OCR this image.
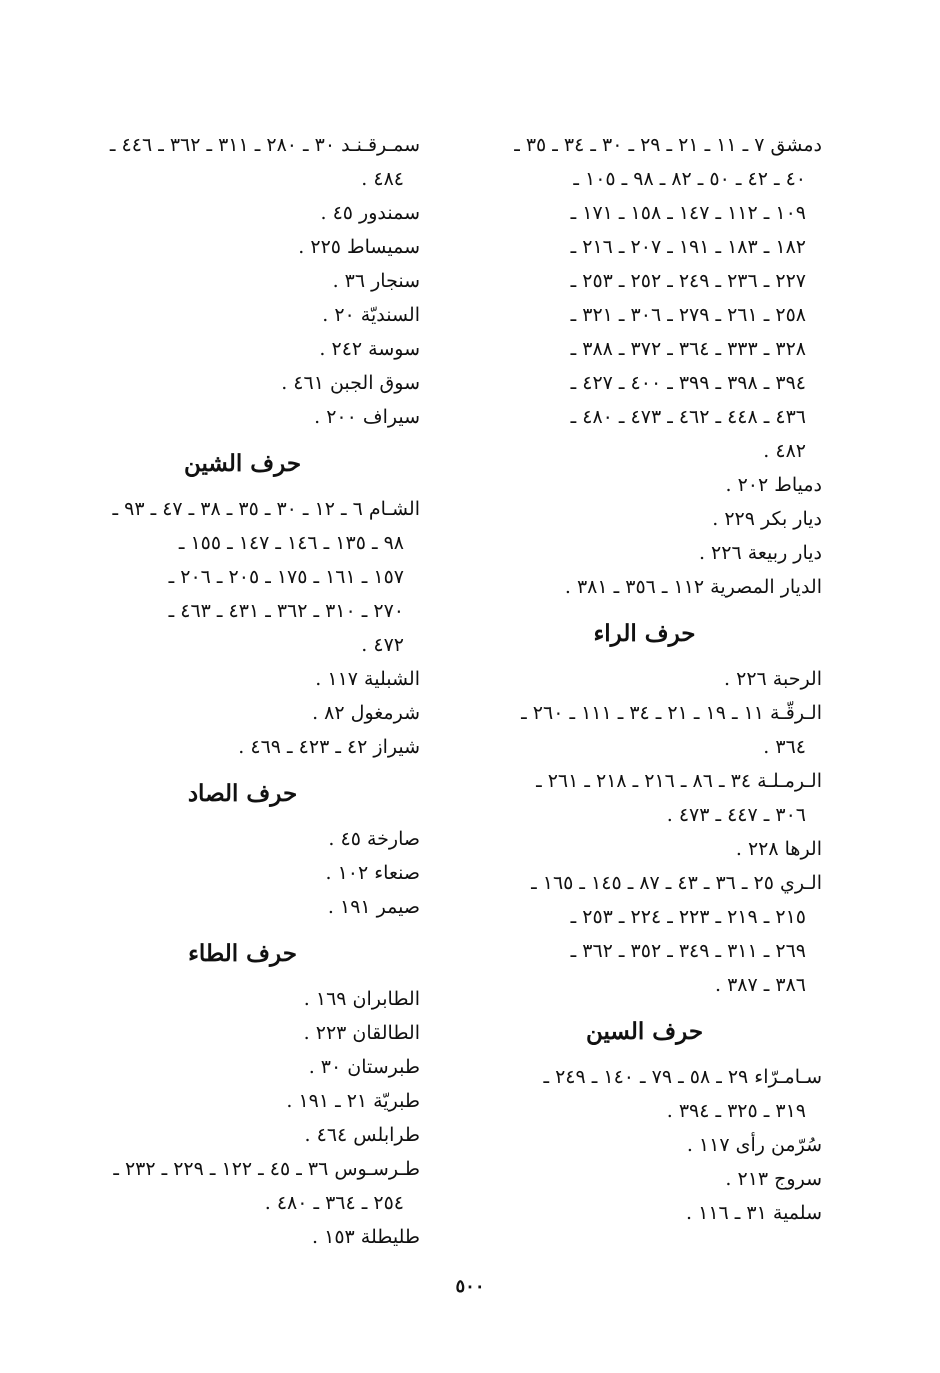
دمشق ٧ ـ ١١ ـ ٢١ ـ ٢٩ ـ ٣٠ ـ ٣٤ ـ ٣٥ ـ
٤٠ ـ ٤٢ ـ ٥٠ ـ ٨٢ ـ ٩٨ ـ ١٠٥ ـ
١٠٩ ـ ١١٢ ـ ١٤٧ ـ ١٥٨ ـ ١٧١ ـ
١٨٢ ـ ١٨٣ ـ ١٩١ ـ ٢٠٧ ـ ٢١٦ ـ
٢٢٧ ـ ٢٣٦ ـ ٢٤٩ ـ ٢٥٢ ـ ٢٥٣ ـ
٢٥٨ ـ ٢٦١ ـ ٢٧٩ ـ ٣٠٦ ـ ٣٢١ ـ
٣٢٨ ـ ٣٣٣ ـ ٣٦٤ ـ ٣٧٢ ـ ٣٨٨ ـ
٣٩٤ ـ ٣٩٨ ـ ٣٩٩ ـ ٤٠٠ ـ ٤٢٧ ـ
٤٣٦ ـ ٤٤٨ ـ ٤٦٢ ـ ٤٧٣ ـ ٤٨٠ ـ
٤٨٢ .
دمياط ٢٠٢ .
ديار بكر ٢٢٩ .
ديار ربيعة ٢٢٦ .
الديار المصرية ١١٢ ـ ٣٥٦ ـ ٣٨١ .
حرف الراء
الرحبة ٢٢٦ .
الـرقّـة ١١ ـ ١٩ ـ ٢١ ـ ٣٤ ـ ١١١ ـ ٢٦٠ ـ
٣٦٤ .
الـرمـلـة ٣٤ ـ ٨٦ ـ ٢١٦ ـ ٢١٨ ـ ٢٦١ ـ
٣٠٦ ـ ٤٤٧ ـ ٤٧٣ .
الرها ٢٢٨ .
الـري ٢٥ ـ ٣٦ ـ ٤٣ ـ ٨٧ ـ ١٤٥ ـ ١٦٥ ـ
٢١٥ ـ ٢١٩ ـ ٢٢٣ ـ ٢٢٤ ـ ٢٥٣ ـ
٢٦٩ ـ ٣١١ ـ ٣٤٩ ـ ٣٥٢ ـ ٣٦٢ ـ
٣٨٦ ـ ٣٨٧ .
حرف السين
سـامـرّاء ٢٩ ـ ٥٨ ـ ٧٩ ـ ١٤٠ ـ ٢٤٩ ـ
٣١٩ ـ ٣٢٥ ـ ٣٩٤ .
سُرّمن رأى ١١٧ .
سروج ٢١٣ .
سلمية ٣١ ـ ١١٦ .
سمـرقـنـد ٣٠ ـ ٢٨٠ ـ ٣١١ ـ ٣٦٢ ـ ٤٤٦ ـ
٤٨٤ .
سمندور ٤٥ .
سميساط ٢٢٥ .
سنجار ٣٦ .
السنديّة ٢٠ .
سوسة ٢٤٢ .
سوق الجبن ٤٦١ .
سيراف ٢٠٠ .
حرف الشين
الشـام ٦ ـ ١٢ ـ ٣٠ ـ ٣٥ ـ ٣٨ ـ ٤٧ ـ ٩٣ ـ
٩٨ ـ ١٣٥ ـ ١٤٦ ـ ١٤٧ ـ ١٥٥ ـ
١٥٧ ـ ١٦١ ـ ١٧٥ ـ ٢٠٥ ـ ٢٠٦ ـ
٢٧٠ ـ ٣١٠ ـ ٣٦٢ ـ ٤٣١ ـ ٤٦٣ ـ
٤٧٢ .
الشبلية ١١٧ .
شرمغول ٨٢ .
شيراز ٤٢ ـ ٤٢٣ ـ ٤٦٩ .
حرف الصاد
صارخة ٤٥ .
صنعاء ١٠٢ .
صيمر ١٩١ .
حرف الطاء
الطابران ١٦٩ .
الطالقان ٢٢٣ .
طبرستان ٣٠ .
طبريّة ٢١ ـ ١٩١ .
طرابلس ٤٦٤ .
طـرسـوس ٣٦ ـ ٤٥ ـ ١٢٢ ـ ٢٢٩ ـ ٢٣٢ ـ
٢٥٤ ـ ٣٦٤ ـ ٤٨٠ .
طليطلة ١٥٣ .
٥٠٠
